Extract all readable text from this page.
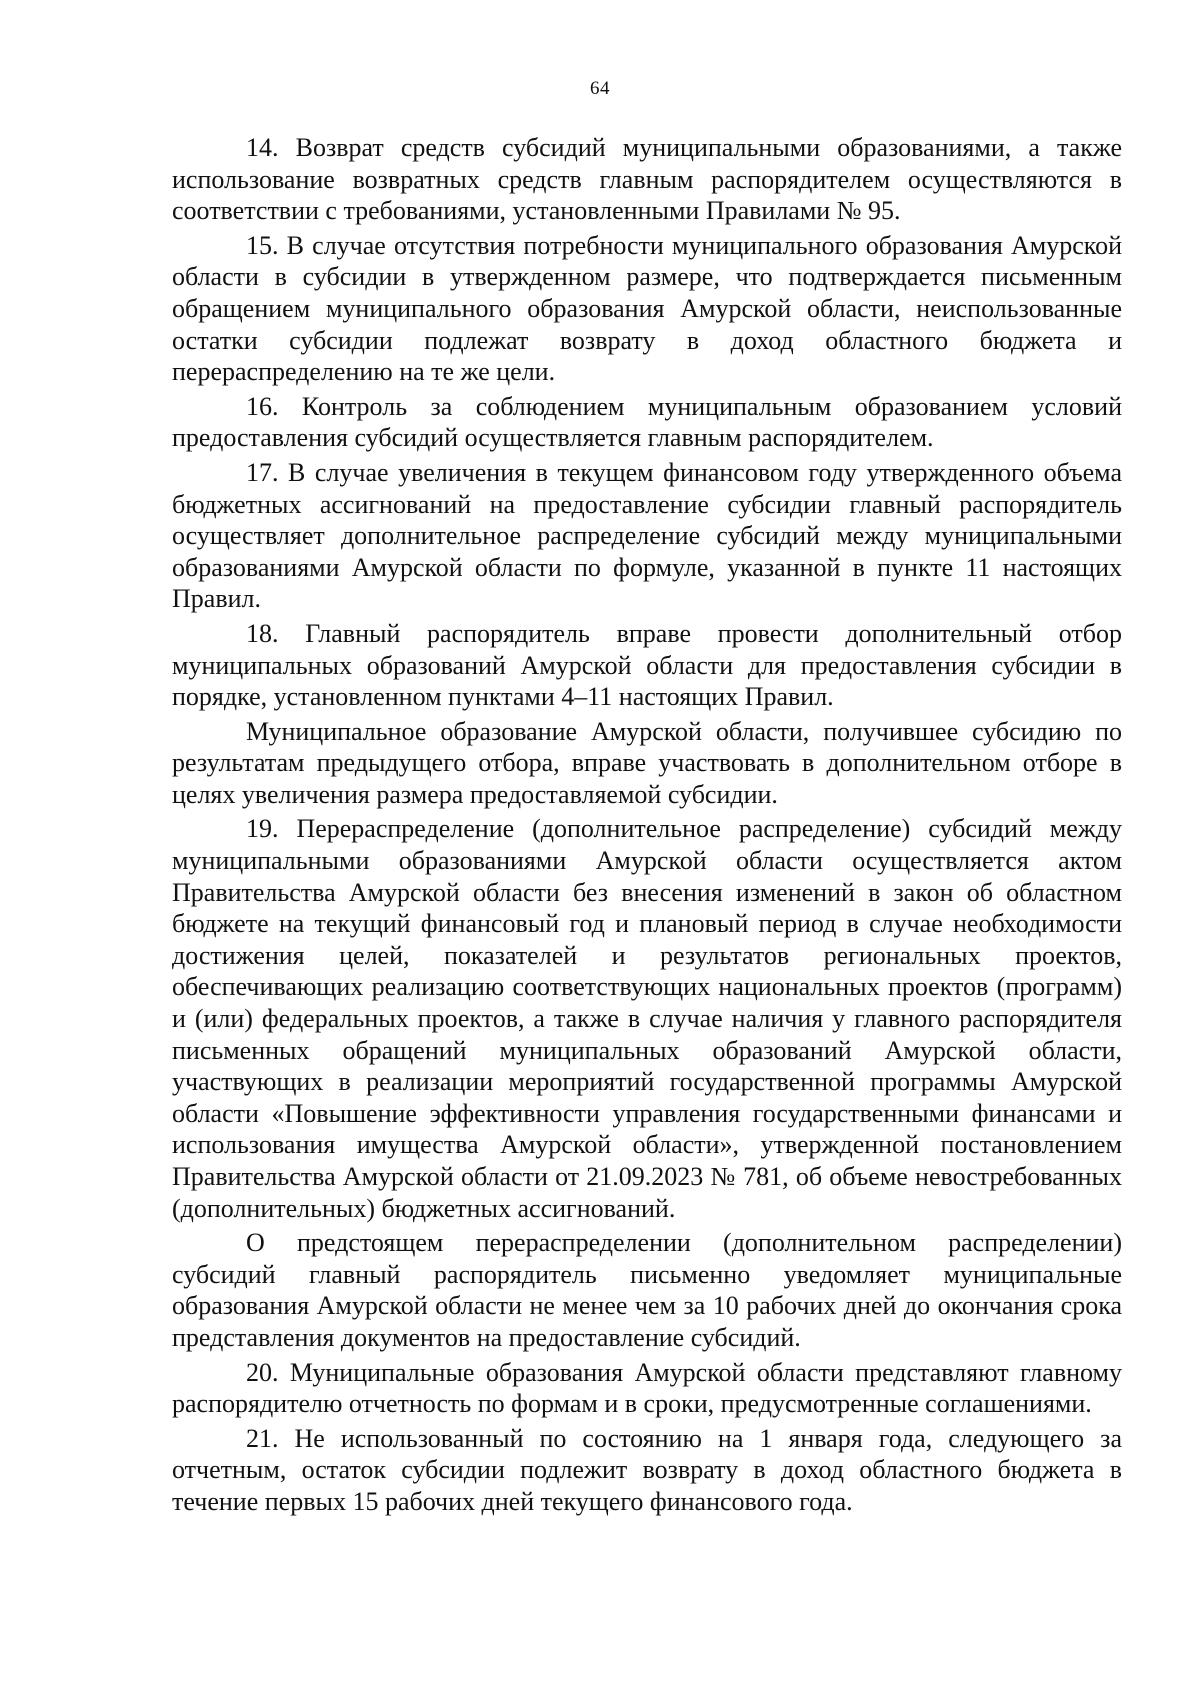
64

14. Возврат средств субсидий муниципальными образованиями, а также использование возвратных средств главным распорядителем осуществляются в соответствии с требованиями, установленными Правилами № 95.

15. В случае отсутствия потребности муниципального образования Амурской области в субсидии в утвержденном размере, что подтверждается письменным обращением муниципального образования Амурской области, неиспользованные остатки субсидии подлежат возврату в доход областного бюджета и перераспределению на те же цели.

16. Контроль за соблюдением муниципальным образованием условий предоставления субсидий осуществляется главным распорядителем.

17. В случае увеличения в текущем финансовом году утвержденного объема бюджетных ассигнований на предоставление субсидии главный распорядитель осуществляет дополнительное распределение субсидий между муниципальными образованиями Амурской области по формуле, указанной в пункте 11 настоящих Правил.

18. Главный распорядитель вправе провести дополнительный отбор муниципальных образований Амурской области для предоставления субсидии в порядке, установленном пунктами 4–11 настоящих Правил.

Муниципальное образование Амурской области, получившее субсидию по результатам предыдущего отбора, вправе участвовать в дополнительном отборе в целях увеличения размера предоставляемой субсидии.

19. Перераспределение (дополнительное распределение) субсидий между муниципальными образованиями Амурской области осуществляется актом Правительства Амурской области без внесения изменений в закон об областном бюджете на текущий финансовый год и плановый период в случае необходимости достижения целей, показателей и результатов региональных проектов, обеспечивающих реализацию соответствующих национальных проектов (программ) и (или) федеральных проектов, а также в случае наличия у главного распорядителя письменных обращений муниципальных образований Амурской области, участвующих в реализации мероприятий государственной программы Амурской области «Повышение эффективности управления государственными финансами и использования имущества Амурской области», утвержденной постановлением Правительства Амурской области от 21.09.2023 № 781, об объеме невостребованных (дополнительных) бюджетных ассигнований.

О предстоящем перераспределении (дополнительном распределении) субсидий главный распорядитель письменно уведомляет муниципальные образования Амурской области не менее чем за 10 рабочих дней до окончания срока представления документов на предоставление субсидий.

20. Муниципальные образования Амурской области представляют главному распорядителю отчетность по формам и в сроки, предусмотренные соглашениями.

21. Не использованный по состоянию на 1 января года, следующего за отчетным, остаток субсидии подлежит возврату в доход областного бюджета в течение первых 15 рабочих дней текущего финансового года.
